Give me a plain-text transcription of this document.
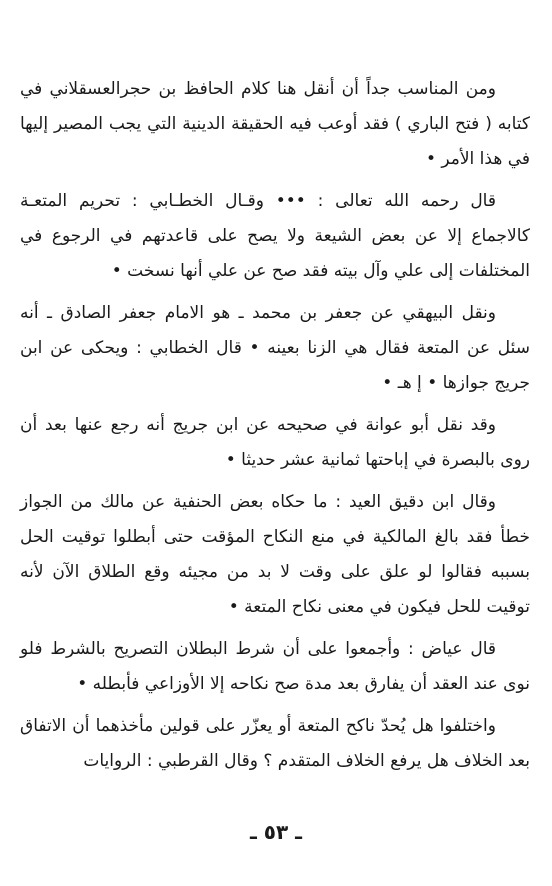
ومن المناسب جداً أن أنقل هنا كلام الحافظ بن حجرالعسقلاني في كتابه ( فتح الباري ) فقد أوعب فيه الحقيقة الدينية التي يجب المصير إليها في هذا الأمر •

قال رحمه الله تعالى : ••• وقـال الخطـابي : تحريم المتعـة كالاجماع إلا عن بعض الشيعة ولا يصح على قاعدتهم في الرجوع في المختلفات إلى علي وآل بيته فقد صح عن علي أنها نسخت •

ونقل البيهقي عن جعفر بن محمد ـ هو الامام جعفر الصادق ـ أنه سئل عن المتعة فقال هي الزنا بعينه • قال الخطابي : ويحكى عن ابن جريج جوازها • إ هـ •

وقد نقل أبو عوانة في صحيحه عن ابن جريج أنه رجع عنها بعد أن روى بالبصرة في إباحتها ثمانية عشر حديثا •

وقال ابن دقيق العيد : ما حكاه بعض الحنفية عن مالك من الجواز خطأ فقد بالغ المالكية في منع النكاح المؤقت حتى أبطلوا توقيت الحل بسببه فقالوا لو علق على وقت لا بد من مجيئه وقع الطلاق الآن لأنه توقيت للحل فيكون في معنى نكاح المتعة •

قال عياض : وأجمعوا على أن شرط البطلان التصريح بالشرط فلو نوى عند العقد أن يفارق بعد مدة صح نكاحه إلا الأوزاعي فأبطله •

واختلفوا هل يُحدّ ناكح المتعة أو يعزّر على قولين مأخذهما أن الاتفاق بعد الخلاف هل يرفع الخلاف المتقدم ؟ وقال القرطبي : الروايات

ـ ٥٣ ـ
